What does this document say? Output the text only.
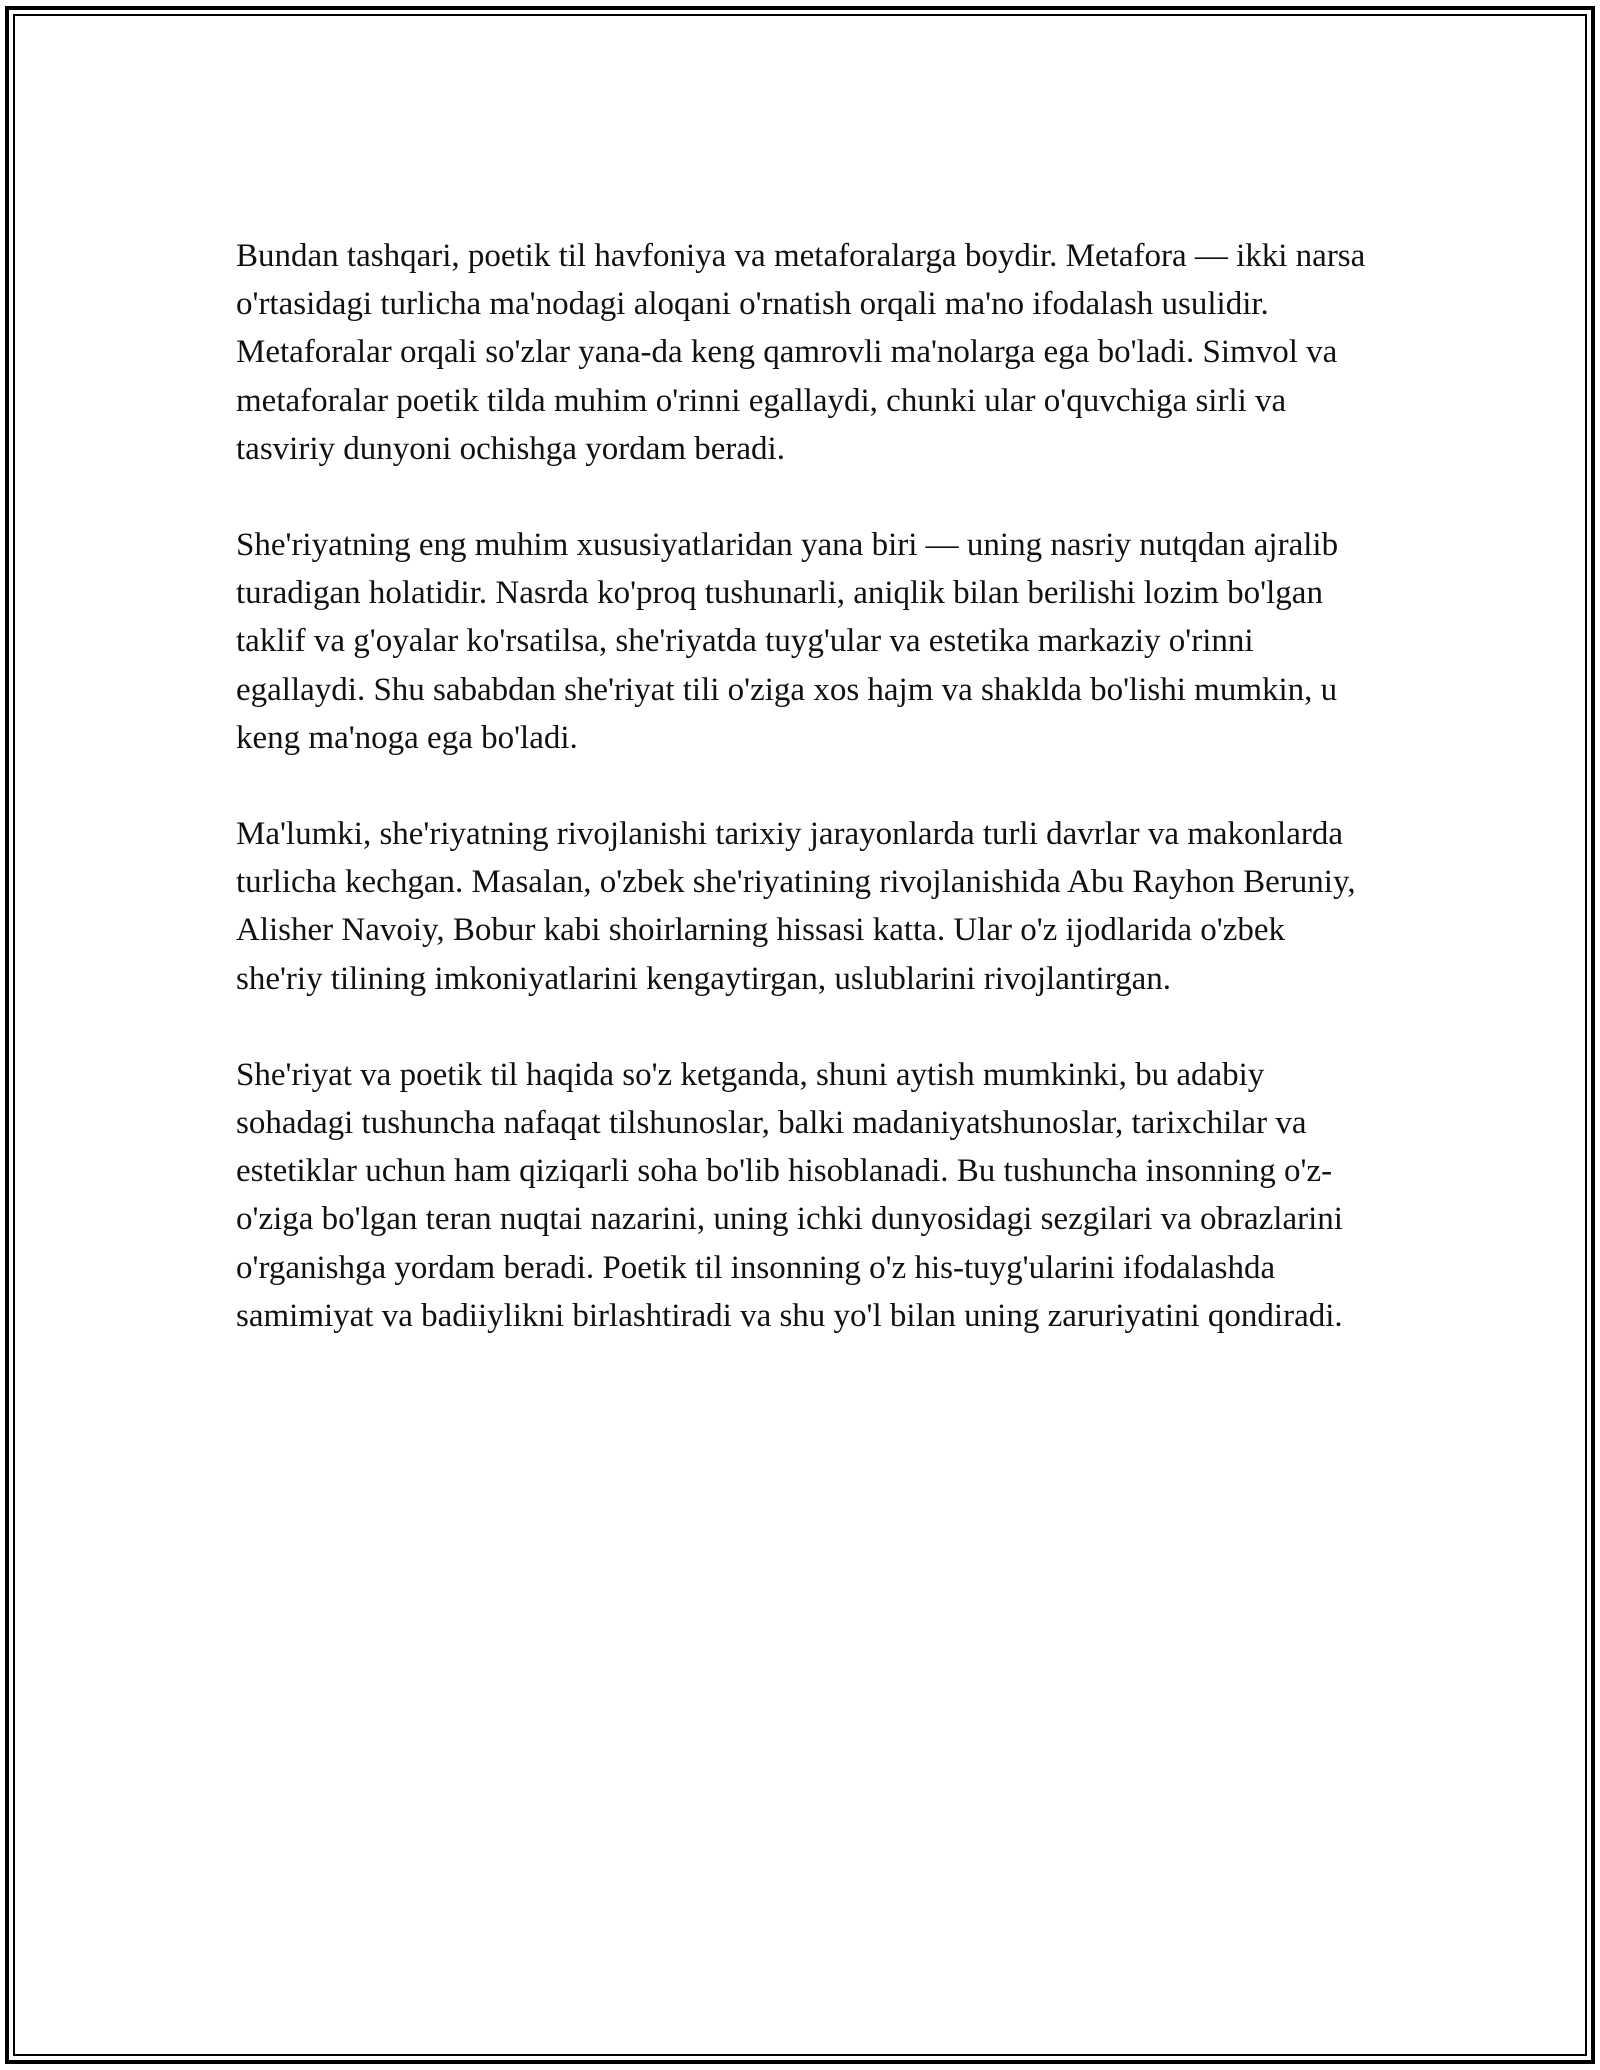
Bundan tashqari, poetik til havfoniya va metaforalarga boydir. Metafora — ikki narsa o'rtasidagi turlicha ma'nodagi aloqani o'rnatish orqali ma'no ifodalash usulidir. Metaforalar orqali so'zlar yana-da keng qamrovli ma'nolarga ega bo'ladi. Simvol va metaforalar poetik tilda muhim o'rinni egallaydi, chunki ular o'quvchiga sirli va tasviriy dunyoni ochishga yordam beradi.

She'riyatning eng muhim xususiyatlaridan yana biri — uning nasriy nutqdan ajralib turadigan holatidir. Nasrda ko'proq tushunarli, aniqlik bilan berilishi lozim bo'lgan taklif va g'oyalar ko'rsatilsa, she'riyatda tuyg'ular va estetika markaziy o'rinni egallaydi. Shu sababdan she'riyat tili o'ziga xos hajm va shaklda bo'lishi mumkin, u keng ma'noga ega bo'ladi.

Ma'lumki, she'riyatning rivojlanishi tarixiy jarayonlarda turli davrlar va makonlarda turlicha kechgan. Masalan, o'zbek she'riyatining rivojlanishida Abu Rayhon Beruniy, Alisher Navoiy, Bobur kabi shoirlarning hissasi katta. Ular o'z ijodlarida o'zbek she'riy tilining imkoniyatlarini kengaytirgan, uslublarini rivojlantirgan.

She'riyat va poetik til haqida so'z ketganda, shuni aytish mumkinki, bu adabiy sohadagi tushuncha nafaqat tilshunoslar, balki madaniyatshunoslar, tarixchilar va estetiklar uchun ham qiziqarli soha bo'lib hisoblanadi. Bu tushuncha insonning o'z-o'ziga bo'lgan teran nuqtai nazarini, uning ichki dunyosidagi sezgilari va obrazlarini o'rganishga yordam beradi. Poetik til insonning o'z his-tuyg'ularini ifodalashda samimiyat va badiiylikni birlashtiradi va shu yo'l bilan uning zaruriyatini qondiradi.
